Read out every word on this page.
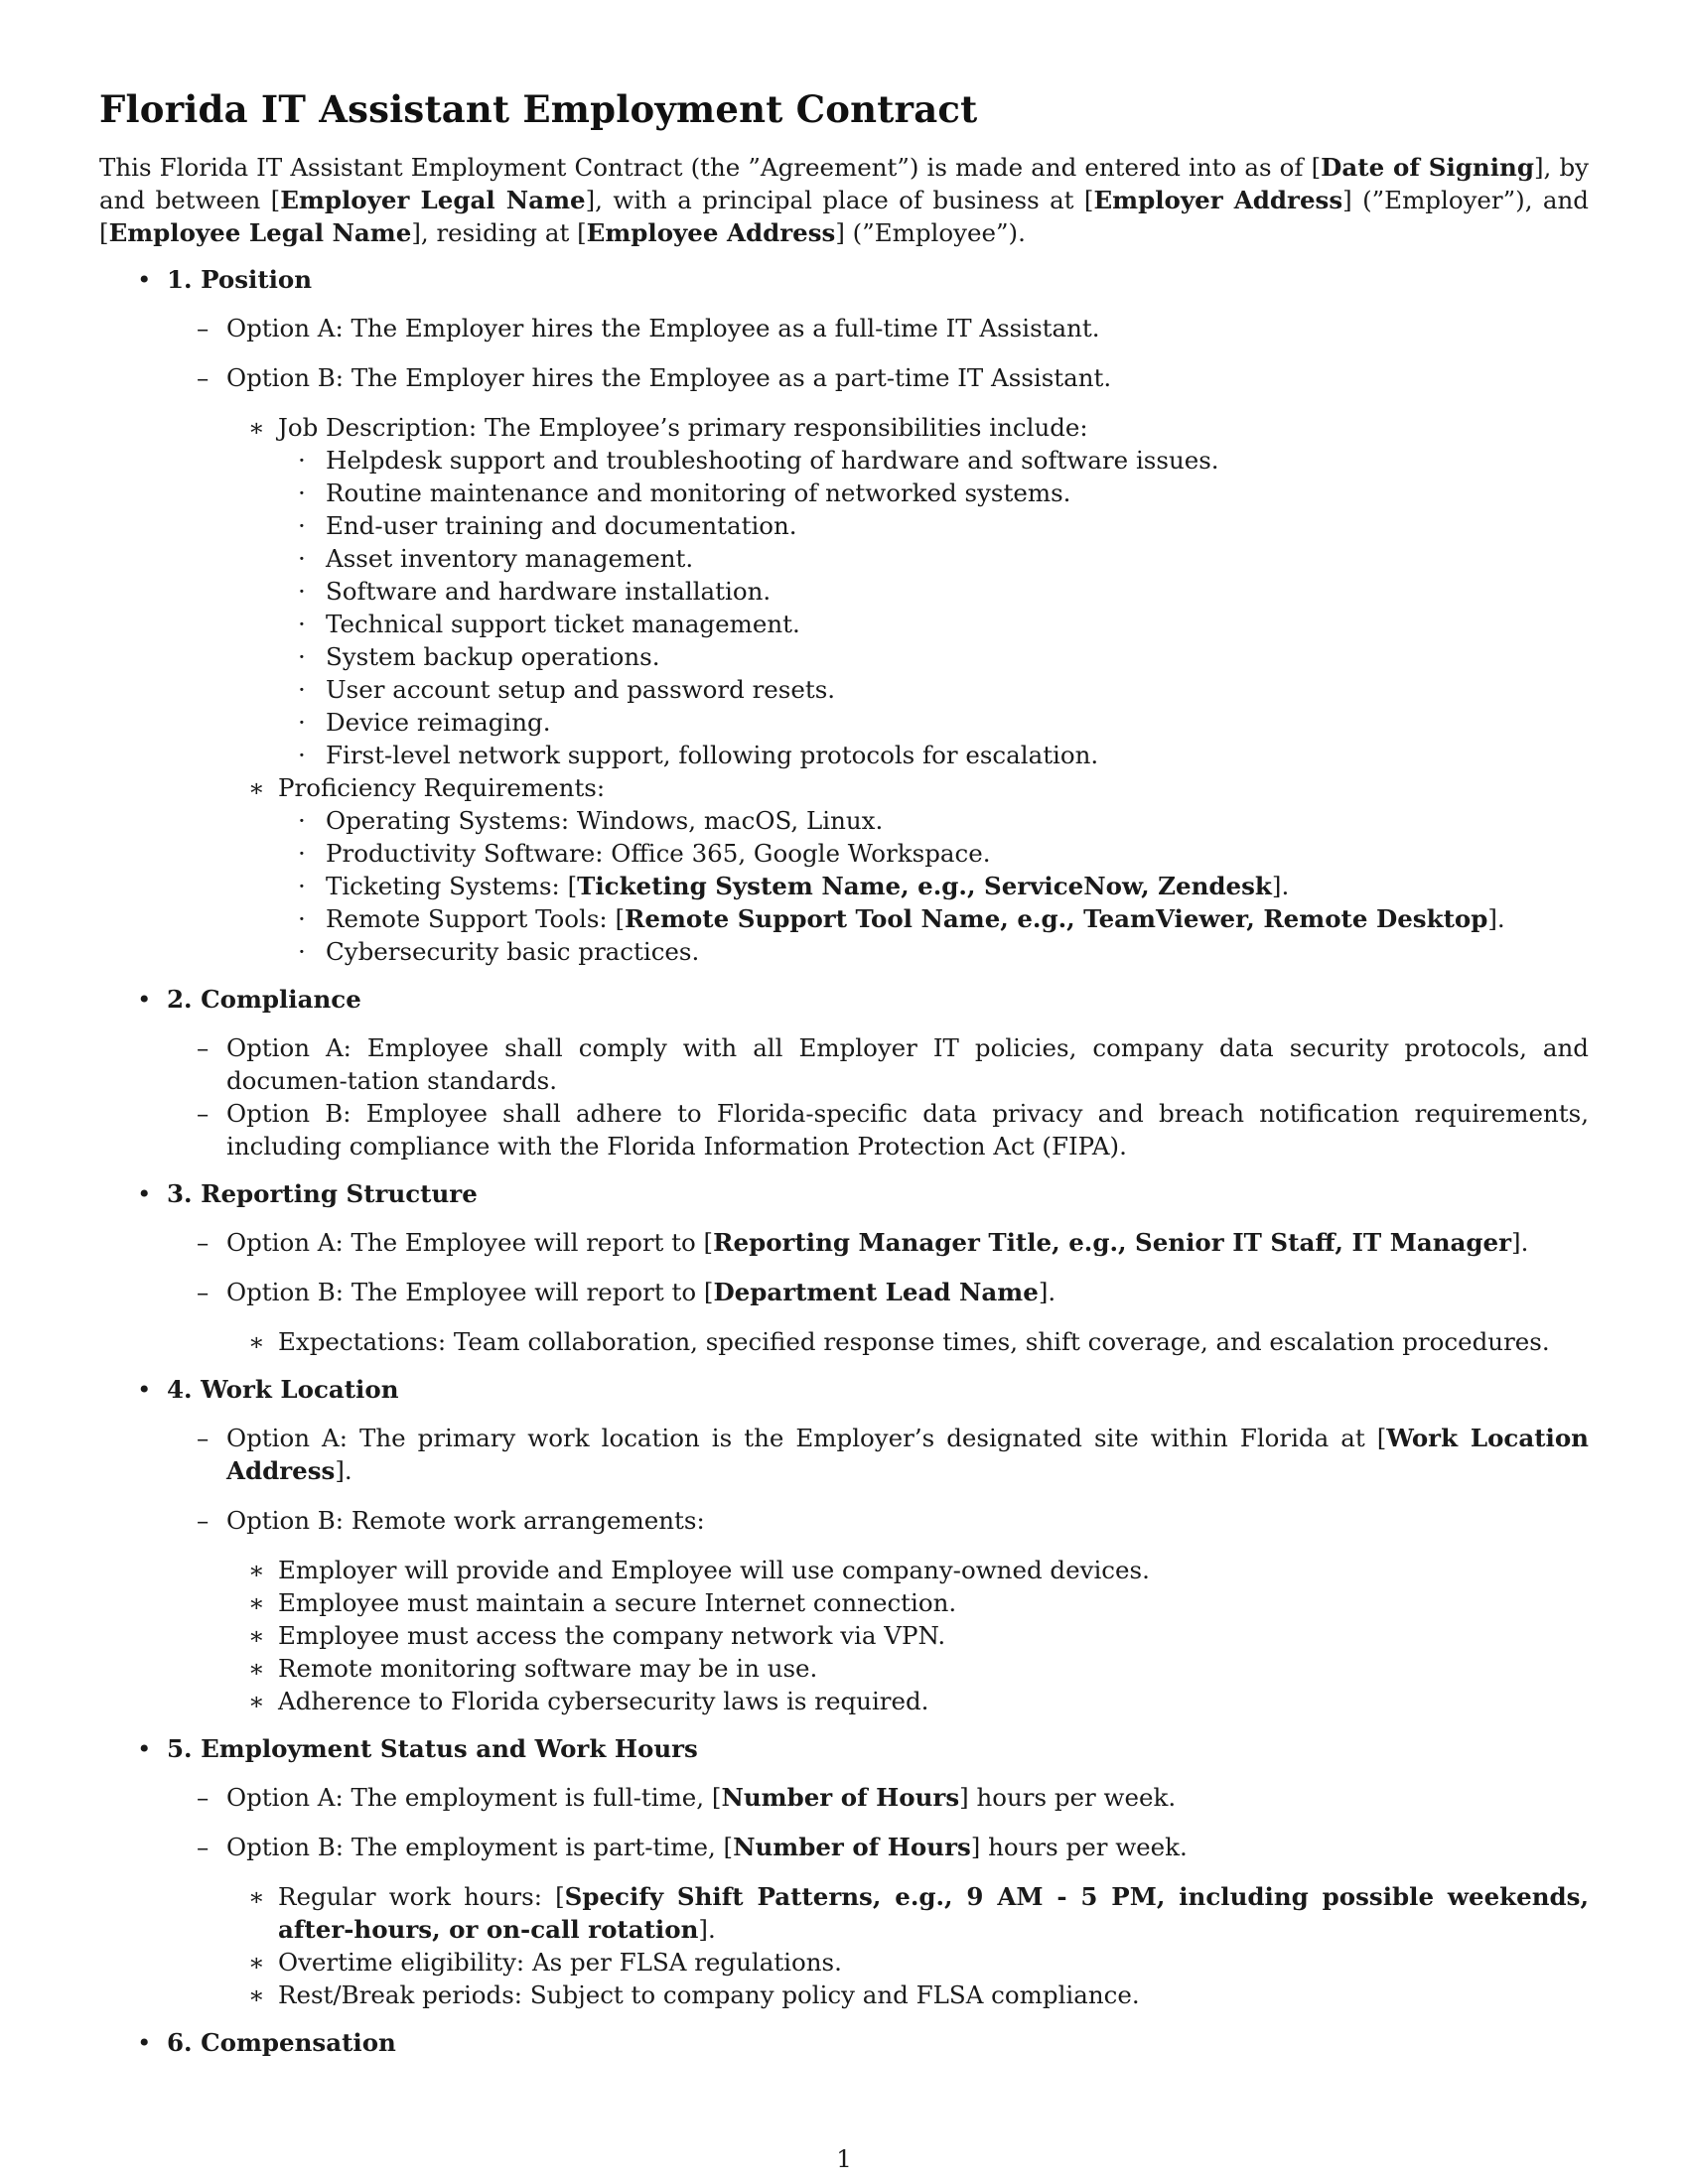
Florida IT Assistant Employment Contract

This Florida IT Assistant Employment Contract (the ”Agreement”) is made and entered into as of [Date of Signing], by and between [Employer Legal Name], with a principal place of business at [Employer Address] (”Employer”), and [Employee Legal Name], residing at [Employee Address] (”Employee”).

• 1. Position

– Option A: The Employer hires the Employee as a full-time IT Assistant.

– Option B: The Employer hires the Employee as a part-time IT Assistant.

∗ Job Description: The Employee’s primary responsibilities include:

· Helpdesk support and troubleshooting of hardware and software issues.
· Routine maintenance and monitoring of networked systems.
· End-user training and documentation.
· Asset inventory management.
· Software and hardware installation.
· Technical support ticket management.
· System backup operations.
· User account setup and password resets.
· Device reimaging.
· First-level network support, following protocols for escalation.

∗ Proficiency Requirements:

· Operating Systems: Windows, macOS, Linux.
· Productivity Software: Office 365, Google Workspace.
· Ticketing Systems: [Ticketing System Name, e.g., ServiceNow, Zendesk].
· Remote Support Tools: [Remote Support Tool Name, e.g., TeamViewer, Remote Desktop].
· Cybersecurity basic practices.

• 2. Compliance

– Option A: Employee shall comply with all Employer IT policies, company data security protocols, and documen-tation standards.

– Option B: Employee shall adhere to Florida-specific data privacy and breach notification requirements, including compliance with the Florida Information Protection Act (FIPA).

• 3. Reporting Structure

– Option A: The Employee will report to [Reporting Manager Title, e.g., Senior IT Staff, IT Manager].

– Option B: The Employee will report to [Department Lead Name].

∗ Expectations: Team collaboration, specified response times, shift coverage, and escalation procedures.

• 4. Work Location

– Option A: The primary work location is the Employer’s designated site within Florida at [Work Location Address].

– Option B: Remote work arrangements:

∗ Employer will provide and Employee will use company-owned devices.
∗ Employee must maintain a secure Internet connection.
∗ Employee must access the company network via VPN.
∗ Remote monitoring software may be in use.
∗ Adherence to Florida cybersecurity laws is required.

• 5. Employment Status and Work Hours

– Option A: The employment is full-time, [Number of Hours] hours per week.

– Option B: The employment is part-time, [Number of Hours] hours per week.

∗ Regular work hours: [Specify Shift Patterns, e.g., 9 AM - 5 PM, including possible weekends, after-hours, or on-call rotation].
∗ Overtime eligibility: As per FLSA regulations.
∗ Rest/Break periods: Subject to company policy and FLSA compliance.

• 6. Compensation

1
